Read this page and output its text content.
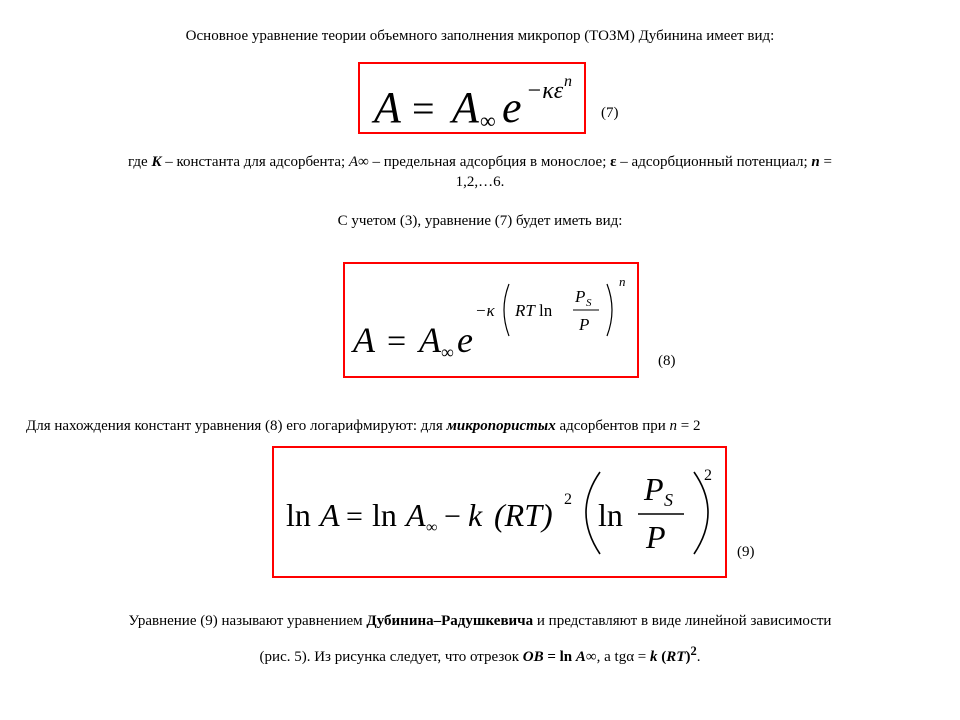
Основное уравнение теории объемного заполнения микропор (ТОЗМ) Дубинина имеет вид:
A = A ∞ e −κε n
(7)
где K – константа для адсорбента; A∞ – предельная адсорбция в монослое; ε – адсорбционный потенциал; n =
1,2,…6.
С учетом (3), уравнение (7) будет иметь вид:
A = A ∞ e
−κ RT ln
P S
P
n
(8)
Для нахождения констант уравнения (8) его логарифмируют: для микропористых адсорбентов при n = 2
ln A = ln A ∞ − k (RT) 2 ln
P S
P
2
(9)
Уравнение (9) называют уравнением Дубинина–Радушкевича и представляют в виде линейной зависимости
(рис. 5). Из рисунка следует, что отрезок ОВ = ln A∞, а tgα = k (RT)$^2$.
